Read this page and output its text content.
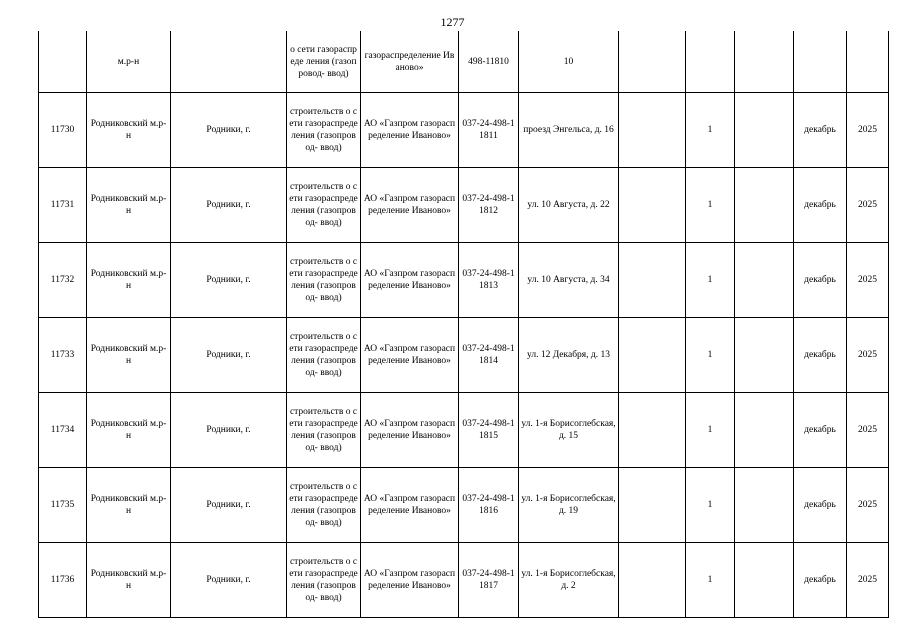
1277
	м.р-н		о сети газораспреде ления (газопровод- ввод)	газораспределение Иваново»	498-11810	10					
11730	Родниковский м.р-н	Родники, г.	строительств о сети газораспреде ления (газопровод- ввод)	АО «Газпром газораспределение Иваново»	037-24-498-11811	проезд Энгельса, д. 16		1		декабрь	2025
11731	Родниковский м.р-н	Родники, г.	строительств о сети газораспреде ления (газопровод- ввод)	АО «Газпром газораспределение Иваново»	037-24-498-11812	ул. 10 Августа, д. 22		1		декабрь	2025
11732	Родниковский м.р-н	Родники, г.	строительств о сети газораспреде ления (газопровод- ввод)	АО «Газпром газораспределение Иваново»	037-24-498-11813	ул. 10 Августа, д. 34		1		декабрь	2025
11733	Родниковский м.р-н	Родники, г.	строительств о сети газораспреде ления (газопровод- ввод)	АО «Газпром газораспределение Иваново»	037-24-498-11814	ул. 12 Декабря, д. 13		1		декабрь	2025
11734	Родниковский м.р-н	Родники, г.	строительств о сети газораспреде ления (газопровод- ввод)	АО «Газпром газораспределение Иваново»	037-24-498-11815	ул. 1-я Борисоглебская, д. 15		1		декабрь	2025
11735	Родниковский м.р-н	Родники, г.	строительств о сети газораспреде ления (газопровод- ввод)	АО «Газпром газораспределение Иваново»	037-24-498-11816	ул. 1-я Борисоглебская, д. 19		1		декабрь	2025
11736	Родниковский м.р-н	Родники, г.	строительств о сети газораспреде ления (газопровод- ввод)	АО «Газпром газораспределение Иваново»	037-24-498-11817	ул. 1-я Борисоглебская, д. 2		1		декабрь	2025
